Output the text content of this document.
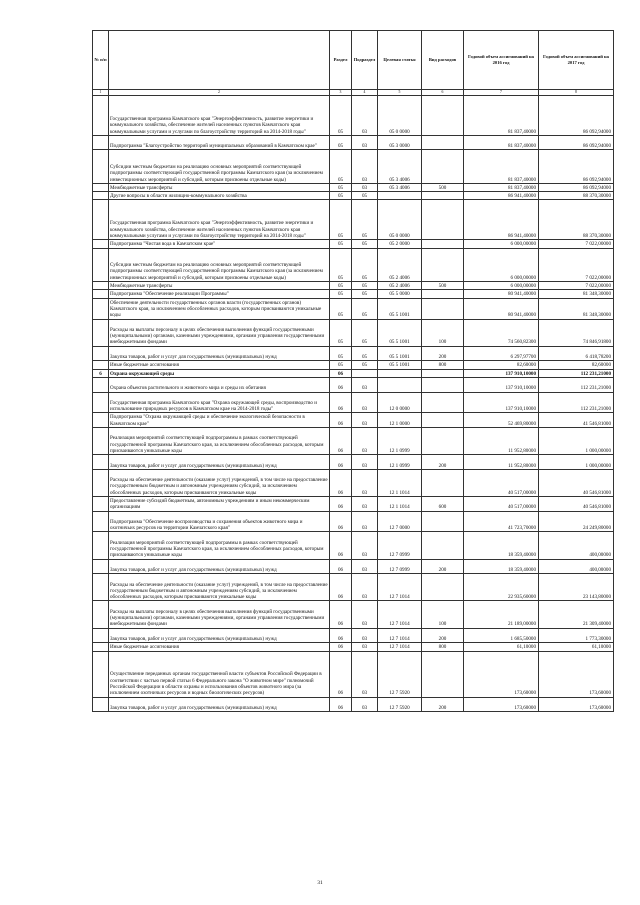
№ п/п		Раздел	Подраздел	Целевая статья	Вид расходов	Годовой объем ассигнований на 2016 год	Годовой объем ассигнований на 2017 год
1	2	3	4	5	6	7	8
	Государственная программа Камчатского края "Энергоэффективность, развитие энергетики и коммунального хозяйства, обеспечение жителей населенных пунктов Камчатского края коммунальными услугами и услугами по благоустройству территорий на 2014-2018 годы"	05	03	05 0 0000		81 837,40000	86 092,94000
	Подпрограмма "Благоустройство территорий муниципальных образований в Камчатском крае"	05	03	05 3 0000		81 837,40000	86 092,94000
	Субсидии местным бюджетам на реализацию основных мероприятий соответствующей подпрограммы соответствующей государственной программы Камчатского края (за исключением инвестиционных мероприятий и субсидий, которым присвоены отдельные коды)	05	03	05 3 4006		81 837,40000	86 092,94000
	Межбюджетные трансферты	05	03	05 3 4006	500	81 837,40000	86 092,94000
	Другие вопросы в области жилищно-коммунального хозяйства	05	05			86 941,40000	88 370,30000
	Государственная программа Камчатского края "Энергоэффективность, развитие энергетики и коммунального хозяйства, обеспечение жителей населенных пунктов Камчатского края коммунальными услугами и услугами по благоустройству территорий на 2014-2018 годы"	05	05	05 0 0000		86 941,40000	88 370,30000
	Подпрограмма "Чистая вода в Камчатском крае"	05	05	05 2 0000		6 000,00000	7 022,00000
	Субсидии местным бюджетам на реализацию основных мероприятий соответствующей подпрограммы соответствующей государственной программы Камчатского края (за исключением инвестиционных мероприятий и субсидий, которым присвоены отдельные коды)	05	05	05 2 4006		6 000,00000	7 022,00000
	Межбюджетные трансферты	05	05	05 2 4006	500	6 000,00000	7 022,00000
	Подпрограмма "Обеспечение реализации Программы"	05	05	05 5 0000		80 941,40000	81 348,30000
	Обеспечение деятельности государственных органов власти (государственных органов) Камчатского края, за исключением обособленных расходов, которым присваиваются уникальные коды	05	05	05 5 1001		80 941,40000	81 348,30000
	Расходы на выплаты персоналу в целях обеспечения выполнения функций государственными (муниципальными) органами, казенными учреждениями, органами управления государственными внебюджетными фондами	05	05	05 5 1001	100	74 560,82300	74 846,91800
	Закупка товаров, работ и услуг для государственных (муниципальных) нужд	05	05	05 5 1001	200	6 297,97700	6 418,78200
	Иные бюджетные ассигнования	05	05	05 5 1001	800	82,60000	82,60000
6	Охрана окружающей среды	06				137 910,10000	112 231,21000
	Охрана объектов растительного и животного мира и среды их обитания	06	03			137 910,10000	112 231,21000
	Государственная программа Камчатского края "Охрана окружающей среды, воспроизводство и использование природных ресурсов в Камчатском крае на 2014-2018 годы"	06	03	12 0 0000		137 910,10000	112 231,21000
	Подпрограмма "Охрана окружающей среды и обеспечение экологической безопасности в Камчатском крае"	06	03	12 1 0000		52 469,80000	41 546,81000
	Реализация мероприятий соответствующей подпрограммы в рамках соответствующей государственной программы Камчатского края, за исключением обособленных расходов, которым присваиваются уникальные коды	06	03	12 1 0999		11 952,80000	1 000,00000
	Закупка товаров, работ и услуг для государственных (муниципальных) нужд	06	03	12 1 0999	200	11 952,80000	1 000,00000
	Расходы на обеспечение деятельности (оказание услуг) учреждений, в том числе на предоставление государственным бюджетным и автономным учреждениям субсидий, за исключением обособленных расходов, которым присваиваются уникальные коды	06	03	12 1 1014		40 517,00000	40 546,81000
	Предоставление субсидий бюджетным, автономным учреждениям и иным некоммерческим организациям	06	03	12 1 1014	600	40 517,00000	40 546,81000
	Подпрограмма "Обеспечение воспроизводства и сохранения объектов животного мира и охотничьих ресурсов на территории Камчатского края"	06	03	12 7 0000		41 723,70000	24 249,80000
	Реализация мероприятий соответствующей подпрограммы в рамках соответствующей государственной программы Камчатского края, за исключением обособленных расходов, которым присваиваются уникальные коды	06	03	12 7 0999		18 359,40000	400,00000
	Закупка товаров, работ и услуг для государственных (муниципальных) нужд	06	03	12 7 0999	200	18 359,40000	400,00000
	Расходы на обеспечение деятельности (оказание услуг) учреждений, в том числе на предоставление государственным бюджетным и автономным учреждениям субсидий, за исключением обособленных расходов, которым присваиваются уникальные коды	06	03	12 7 1014		22 935,60000	23 143,80000
	Расходы на выплаты персоналу в целях обеспечения выполнения функций государственными (муниципальными) органами, казенными учреждениями, органами управления государственными внебюджетными фондами	06	03	12 7 1014	100	21 189,00000	21 309,40000
	Закупка товаров, работ и услуг для государственных (муниципальных) нужд	06	03	12 7 1014	200	1 685,50000	1 773,30000
	Иные бюджетные ассигнования	06	03	12 7 1014	800	61,10000	61,10000
	Осуществление переданных органам государственной власти субъектов Российской Федерации в соответствии с частью первой статьи 6 Федерального закона "О животном мире" полномочий Российской Федерации в области охраны и использования объектов животного мира (за исключением охотничьих ресурсов и водных биологических ресурсов)	06	03	12 7 5920		173,60000	173,60000
	Закупка товаров, работ и услуг для государственных (муниципальных) нужд	06	03	12 7 5920	200	173,60000	173,60000
31
